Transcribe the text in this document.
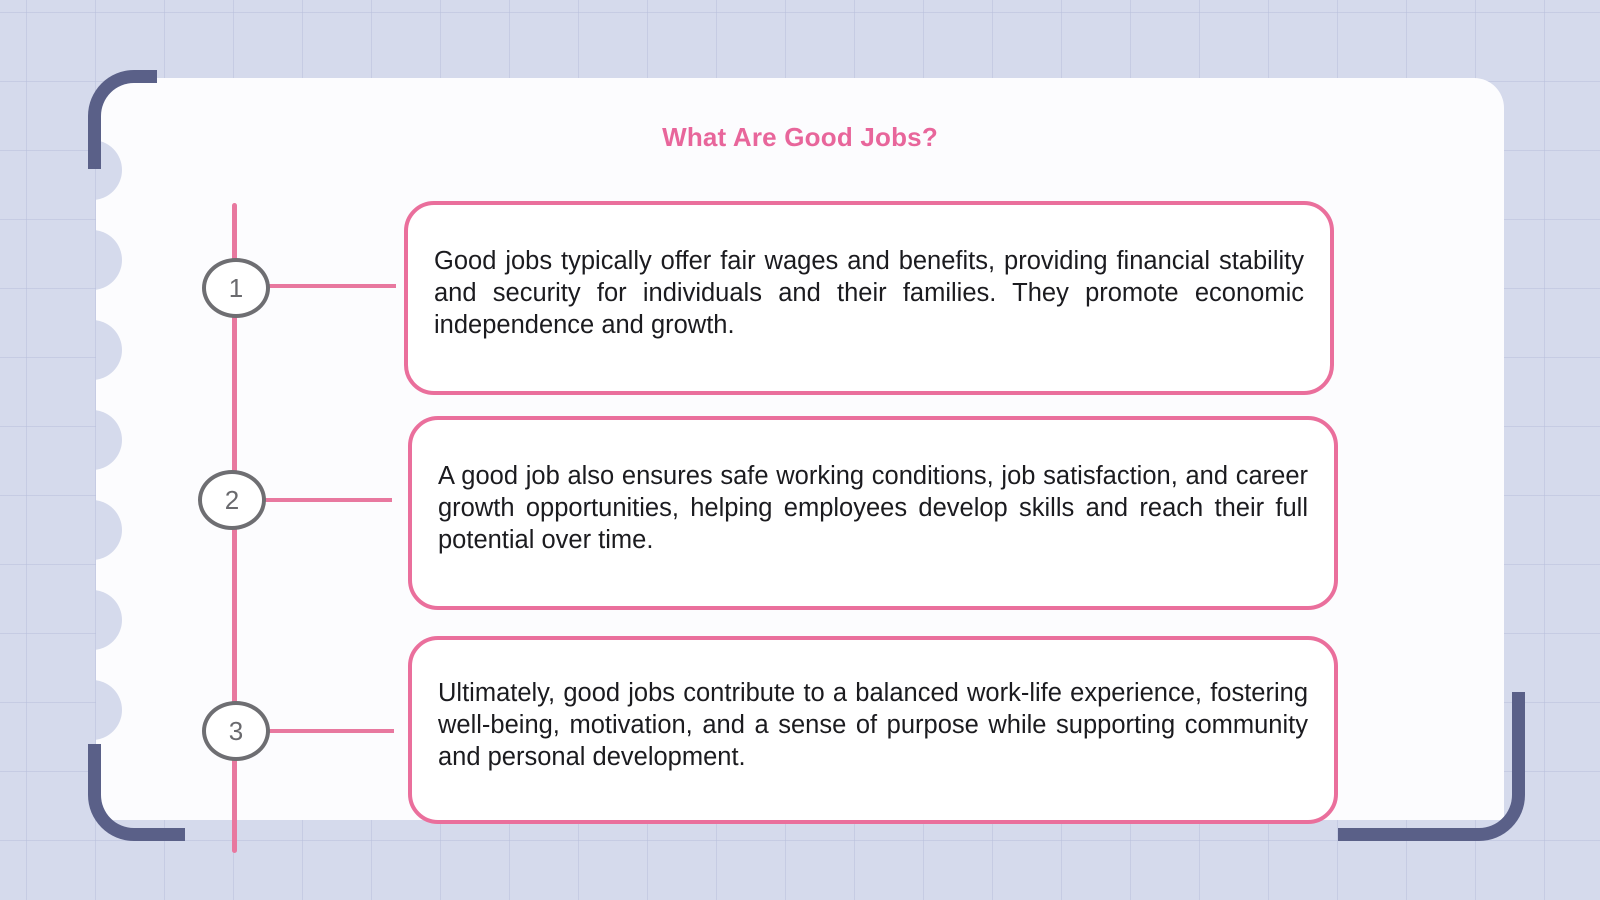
What Are Good Jobs?
1
2
3
Good jobs typically offer fair wages and benefits, providing financial stability and security for individuals and their families. They promote economic independence and growth.
A good job also ensures safe working conditions, job satisfaction, and career growth opportunities, helping employees develop skills and reach their full potential over time.
Ultimately, good jobs contribute to a balanced work-life experience, fostering well-being, motivation, and a sense of purpose while supporting community and personal development.
